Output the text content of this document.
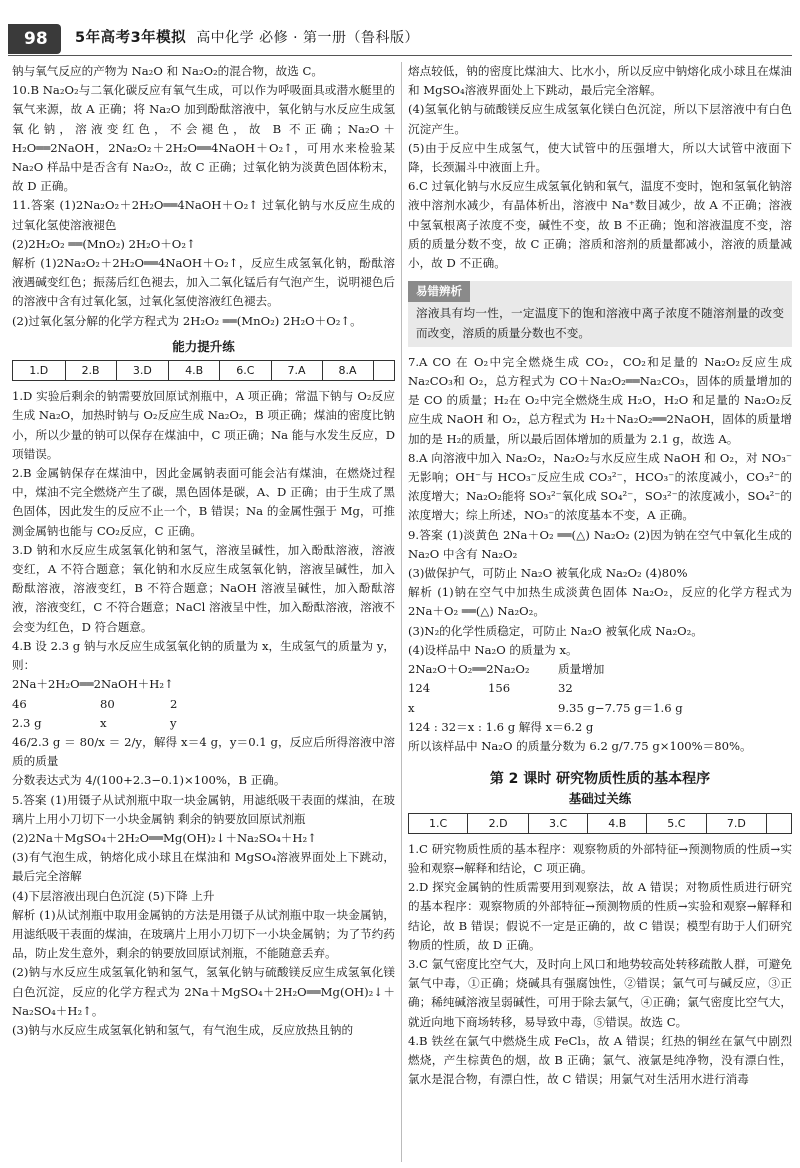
98	5年高考3年模拟 高中化学 必修 · 第一册（鲁科版）

钠与氧气反应的产物为 Na₂O 和 Na₂O₂的混合物，故选 C。

10.B Na₂O₂与二氧化碳反应有氧气生成，可以作为呼吸面具或潜水艇里的氧气来源，故 A 正确；将 Na₂O 加到酚酞溶液中，氧化钠与水反应生成氢氧化钠，溶液变红色，不会褪色，故 B 不正确；Na₂O＋H₂O══2NaOH，2Na₂O₂＋2H₂O══4NaOH＋O₂↑，可用水来检验某 Na₂O 样品中是否含有 Na₂O₂，故 C 正确；过氧化钠为淡黄色固体粉末，故 D 正确。

11.答案 (1)2Na₂O₂＋2H₂O══4NaOH＋O₂↑ 过氧化钠与水反应生成的过氧化氢使溶液褪色

(2)2H₂O₂ ══(MnO₂) 2H₂O＋O₂↑

解析 (1)2Na₂O₂＋2H₂O══4NaOH＋O₂↑，反应生成氢氧化钠，酚酞溶液遇碱变红色；振荡后红色褪去，加入二氧化锰后有气泡产生，说明褪色后的溶液中含有过氧化氢，过氧化氢使溶液红色褪去。

(2)过氧化氢分解的化学方程式为 2H₂O₂ ══(MnO₂) 2H₂O＋O₂↑。

能力提升练
1.D	2.B	3.D	4.B	6.C	7.A	8.A	

1.D 实验后剩余的钠需要放回原试剂瓶中，A 项正确；常温下钠与 O₂反应生成 Na₂O，加热时钠与 O₂反应生成 Na₂O₂，B 项正确；煤油的密度比钠小，所以少量的钠可以保存在煤油中，C 项正确；Na 能与水发生反应，D 项错误。

2.B 金属钠保存在煤油中，因此金属钠表面可能会沾有煤油，在燃烧过程中，煤油不完全燃烧产生了碳，黑色固体是碳，A、D 正确；由于生成了黑色固体，因此发生的反应不止一个，B 错误；Na 的金属性强于 Mg，可推测金属钠也能与 CO₂反应，C 正确。

3.D 钠和水反应生成氢氧化钠和氢气，溶液呈碱性，加入酚酞溶液，溶液变红，A 不符合题意；氧化钠和水反应生成氢氧化钠，溶液呈碱性，加入酚酞溶液，溶液变红，B 不符合题意；NaOH 溶液呈碱性，加入酚酞溶液，溶液变红，C 不符合题意；NaCl 溶液呈中性，加入酚酞溶液，溶液不会变为红色，D 符合题意。

4.B 设 2.3 g 钠与水反应生成氢氧化钠的质量为 x，生成氢气的质量为 y，则：

2Na＋2H₂O══2NaOH＋H₂↑

46	80	2
2.3 g	x	y

46/2.3 g ＝ 80/x ＝ 2/y，解得 x＝4 g，y＝0.1 g，反应后所得溶液中溶质的质量

分数表达式为 4/(100+2.3−0.1)×100%，B 正确。

5.答案 (1)用镊子从试剂瓶中取一块金属钠，用滤纸吸干表面的煤油，在玻璃片上用小刀切下一小块金属钠 剩余的钠要放回原试剂瓶

(2)2Na＋MgSO₄＋2H₂O══Mg(OH)₂↓＋Na₂SO₄＋H₂↑

(3)有气泡生成，钠熔化成小球且在煤油和 MgSO₄溶液界面处上下跳动，最后完全溶解

(4)下层溶液出现白色沉淀 (5)下降 上升

解析 (1)从试剂瓶中取用金属钠的方法是用镊子从试剂瓶中取一块金属钠，用滤纸吸干表面的煤油，在玻璃片上用小刀切下一小块金属钠；为了节约药品，防止发生意外，剩余的钠要放回原试剂瓶，不能随意丢弃。

(2)钠与水反应生成氢氧化钠和氢气，氢氧化钠与硫酸镁反应生成氢氧化镁白色沉淀，反应的化学方程式为 2Na＋MgSO₄＋2H₂O══Mg(OH)₂↓＋Na₂SO₄＋H₂↑。

(3)钠与水反应生成氢氧化钠和氢气，有气泡生成，反应放热且钠的

熔点较低，钠的密度比煤油大、比水小，所以反应中钠熔化成小球且在煤油和 MgSO₄溶液界面处上下跳动，最后完全溶解。

(4)氢氧化钠与硫酸镁反应生成氢氧化镁白色沉淀，所以下层溶液中有白色沉淀产生。

(5)由于反应中生成氢气，使大试管中的压强增大，所以大试管中液面下降，长颈漏斗中液面上升。

6.C 过氧化钠与水反应生成氢氧化钠和氧气，温度不变时，饱和氢氧化钠溶液中溶剂水减少，有晶体析出，溶液中 Na⁺数目减少，故 A 不正确；溶液中氢氧根离子浓度不变，碱性不变，故 B 不正确；饱和溶液温度不变，溶质的质量分数不变，故 C 正确；溶质和溶剂的质量都减小，溶液的质量减小，故 D 不正确。

易错辨析
溶液具有均一性，一定温度下的饱和溶液中离子浓度不随溶剂量的改变而改变，溶质的质量分数也不变。

7.A CO 在 O₂中完全燃烧生成 CO₂，CO₂和足量的 Na₂O₂反应生成 Na₂CO₃和 O₂，总方程式为 CO＋Na₂O₂══Na₂CO₃，固体的质量增加的是 CO 的质量；H₂在 O₂中完全燃烧生成 H₂O，H₂O 和足量的 Na₂O₂反应生成 NaOH 和 O₂，总方程式为 H₂＋Na₂O₂══2NaOH，固体的质量增加的是 H₂的质量，所以最后固体增加的质量为 2.1 g，故选 A。

8.A 向溶液中加入 Na₂O₂，Na₂O₂与水反应生成 NaOH 和 O₂，对 NO₃⁻无影响；OH⁻与 HCO₃⁻反应生成 CO₃²⁻，HCO₃⁻的浓度减小，CO₃²⁻的浓度增大；Na₂O₂能将 SO₃²⁻氧化成 SO₄²⁻，SO₃²⁻的浓度减小，SO₄²⁻的浓度增大；综上所述，NO₃⁻的浓度基本不变，A 正确。

9.答案 (1)淡黄色 2Na＋O₂ ══(△) Na₂O₂ (2)因为钠在空气中氧化生成的 Na₂O 中含有 Na₂O₂

(3)做保护气，可防止 Na₂O 被氧化成 Na₂O₂ (4)80%

解析 (1)钠在空气中加热生成淡黄色固体 Na₂O₂，反应的化学方程式为 2Na＋O₂ ══(△) Na₂O₂。

(3)N₂的化学性质稳定，可防止 Na₂O 被氧化成 Na₂O₂。

(4)设样品中 Na₂O 的质量为 x。

2Na₂O＋O₂══2Na₂O₂	质量增加
124	156	32
x	9.35 g−7.75 g＝1.6 g

124 : 32＝x : 1.6 g 解得 x＝6.2 g

所以该样品中 Na₂O 的质量分数为 6.2 g/7.75 g×100%＝80%。

第 2 课时 研究物质性质的基本程序
基础过关练
1.C	2.D	3.C	4.B	5.C	7.D	

1.C 研究物质性质的基本程序：观察物质的外部特征→预测物质的性质→实验和观察→解释和结论，C 项正确。

2.D 探究金属钠的性质需要用到观察法，故 A 错误；对物质性质进行研究的基本程序：观察物质的外部特征→预测物质的性质→实验和观察→解释和结论，故 B 错误；假说不一定是正确的，故 C 错误；模型有助于人们研究物质的性质，故 D 正确。

3.C 氯气密度比空气大，及时向上风口和地势较高处转移疏散人群，可避免氯气中毒，①正确；烧碱具有强腐蚀性，②错误；氯气可与碱反应，③正确；稀纯碱溶液呈弱碱性，可用于除去氯气，④正确；氯气密度比空气大，就近向地下商场转移，易导致中毒，⑤错误。故选 C。

4.B 铁丝在氯气中燃烧生成 FeCl₃，故 A 错误；红热的铜丝在氯气中剧烈燃烧，产生棕黄色的烟，故 B 正确；氯气、液氯是纯净物，没有漂白性，氯水是混合物，有漂白性，故 C 错误；用氯气对生活用水进行消毒
